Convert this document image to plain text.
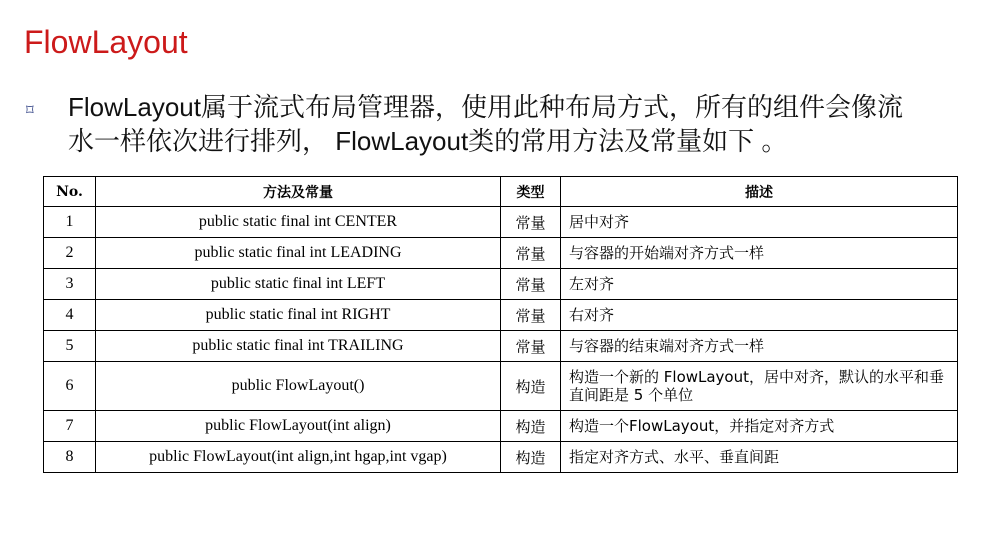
FlowLayout
⌑ FlowLayout属于流式布局管理器，使用此种布局方式，所有的组件会像流
水一样依次进行排列， FlowLayout类的常用方法及常量如下 。
No.	方法及常量	类型	描述
1	public static final int CENTER	常量	居中对齐
2	public static final int LEADING	常量	与容器的开始端对齐方式一样
3	public static final int LEFT	常量	左对齐
4	public static final int RIGHT	常量	右对齐
5	public static final int TRAILING	常量	与容器的结束端对齐方式一样
6	public FlowLayout()	构造	构造一个新的 FlowLayout，居中对齐，默认的水平和垂直间距是 5 个单位
7	public FlowLayout(int align)	构造	构造一个FlowLayout，并指定对齐方式
8	public FlowLayout(int align,int hgap,int vgap)	构造	指定对齐方式、水平、垂直间距
